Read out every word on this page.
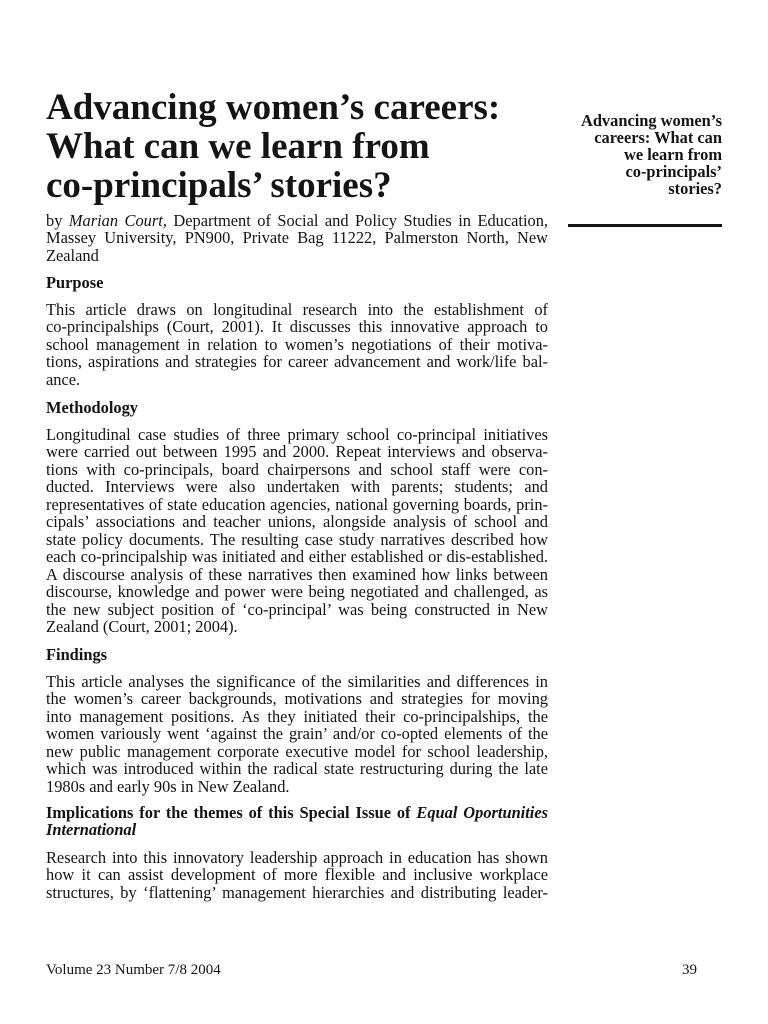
Advancing women’s careers:
What can we learn from
co-principals’ stories?
Advancing women’s
careers: What can
we learn from
co-principals’
stories?
by Marian Court, Department of Social and Policy Studies in Education,
Massey University, PN900, Private Bag 11222, Palmerston North, New
Zealand
Purpose
This article draws on longitudinal research into the establishment of
co-principalships (Court, 2001). It discusses this innovative approach to
school management in relation to women’s negotiations of their motiva-
tions, aspirations and strategies for career advancement and work/life bal-
ance.
Methodology
Longitudinal case studies of three primary school co-principal initiatives
were carried out between 1995 and 2000. Repeat interviews and observa-
tions with co-principals, board chairpersons and school staff were con-
ducted. Interviews were also undertaken with parents; students; and
representatives of state education agencies, national governing boards, prin-
cipals’ associations and teacher unions, alongside analysis of school and
state policy documents. The resulting case study narratives described how
each co-principalship was initiated and either established or dis-established.
A discourse analysis of these narratives then examined how links between
discourse, knowledge and power were being negotiated and challenged, as
the new subject position of ‘co-principal’ was being constructed in New
Zealand (Court, 2001; 2004).
Findings
This article analyses the significance of the similarities and differences in
the women’s career backgrounds, motivations and strategies for moving
into management positions. As they initiated their co-principalships, the
women variously went ‘against the grain’ and/or co-opted elements of the
new public management corporate executive model for school leadership,
which was introduced within the radical state restructuring during the late
1980s and early 90s in New Zealand.
Implications for the themes of this Special Issue of Equal Oportunities
International
Research into this innovatory leadership approach in education has shown
how it can assist development of more flexible and inclusive workplace
structures, by ‘flattening’ management hierarchies and distributing leader-
Volume 23 Number 7/8 2004	39
